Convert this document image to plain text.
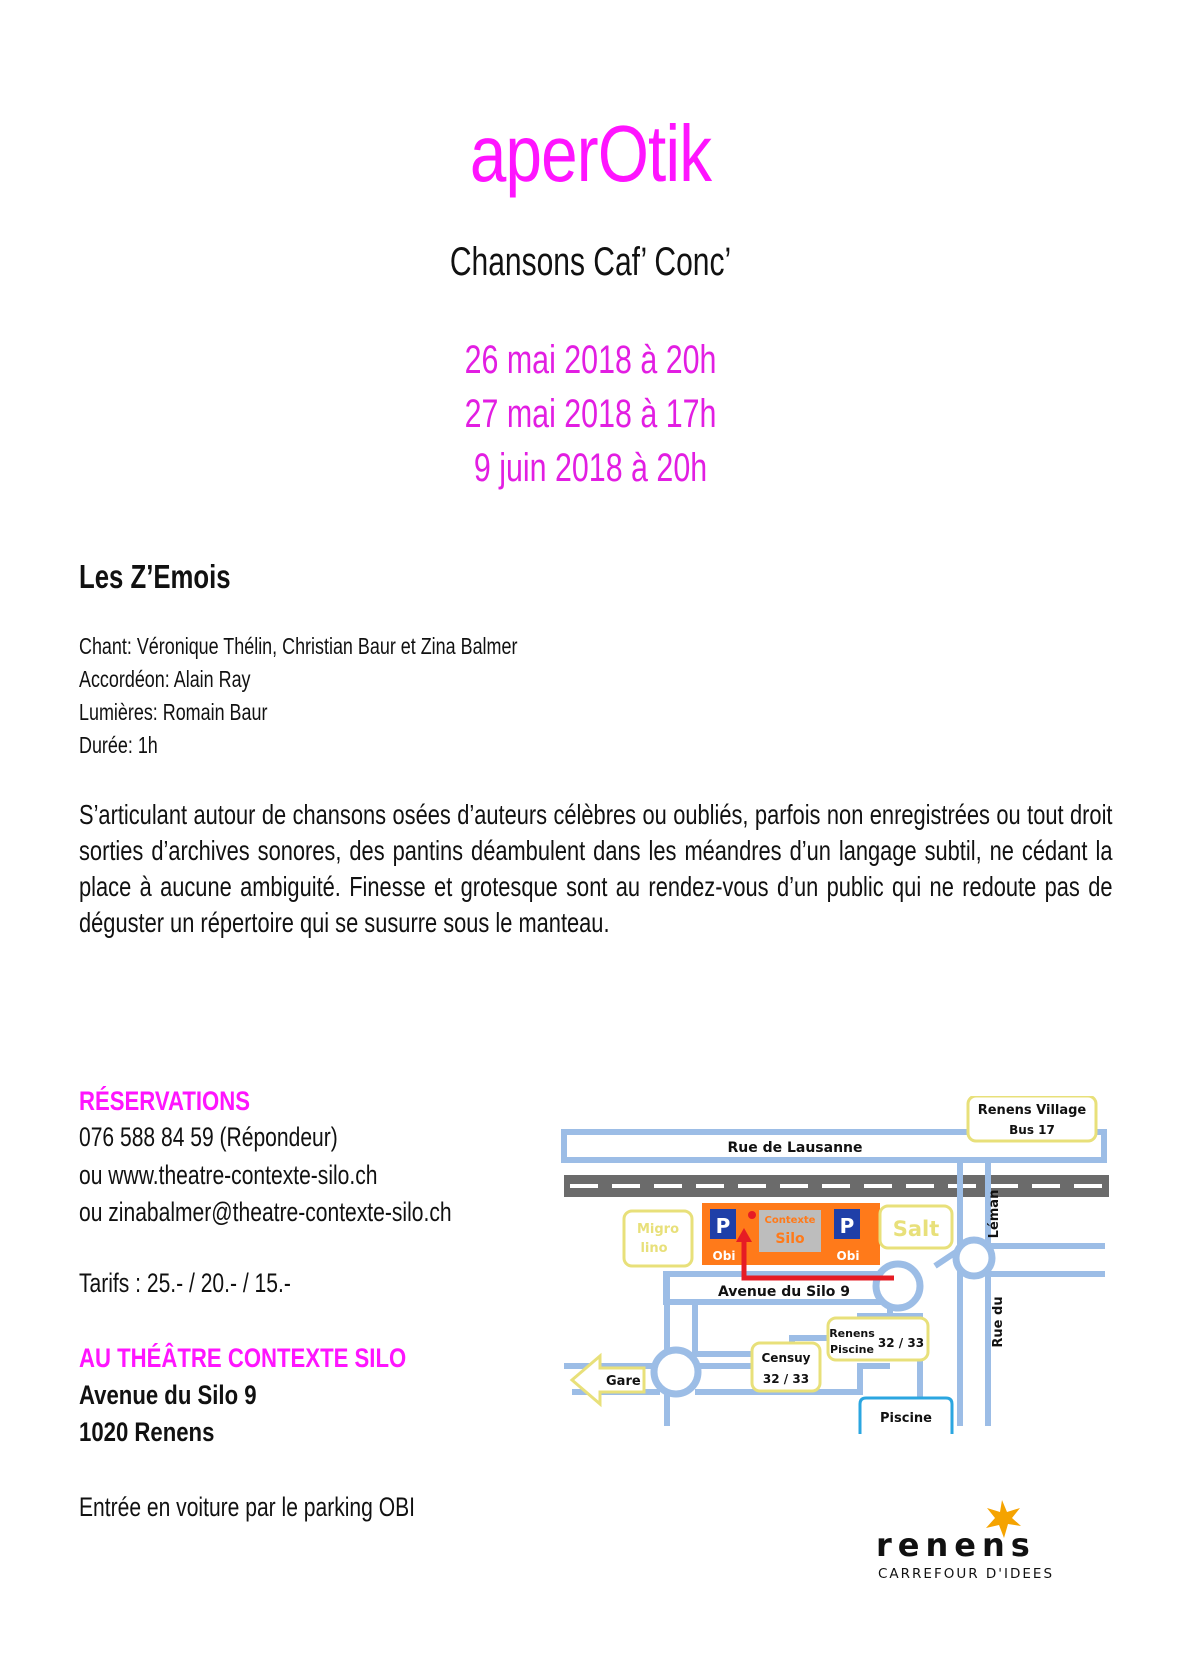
aperOtik
Chansons Caf’ Conc’
26 mai 2018 à 20h
27 mai 2018 à 17h
9 juin 2018 à 20h
Les Z’Emois
Chant: Véronique Thélin, Christian Baur et Zina Balmer
Accordéon: Alain Ray
Lumières: Romain Baur
Durée: 1h
S’articulant autour de chansons osées d’auteurs célèbres ou oubliés, parfois non enregistrées ou tout droit sorties d’archives sonores, des pantins déambulent dans les méandres d’un langage subtil, ne cédant la place à aucune ambiguité. Finesse et grotesque sont au rendez-vous d’un public qui ne redoute pas de déguster un répertoire qui se susurre sous le manteau.
RÉSERVATIONS
076 588 84 59 (Répondeur)
ou www.theatre-contexte-silo.ch
ou zinabalmer@theatre-contexte-silo.ch
Tarifs : 25.- / 20.- / 15.-
AU THÉÂTRE CONTEXTE SILO
Avenue du Silo 9
1020 Renens
Entrée en voiture par le parking OBI
Rue de Lausanne
Gare
Renens Village
Bus 17
Migro
lino
Contexte
Silo
P	P
Obi	Obi
Salt	Léman
Rue du
Avenue du Silo 9
Renens
Piscine 32 / 33
Censuy
32 / 33
Piscine
renens
CARREFOUR D'IDEES
